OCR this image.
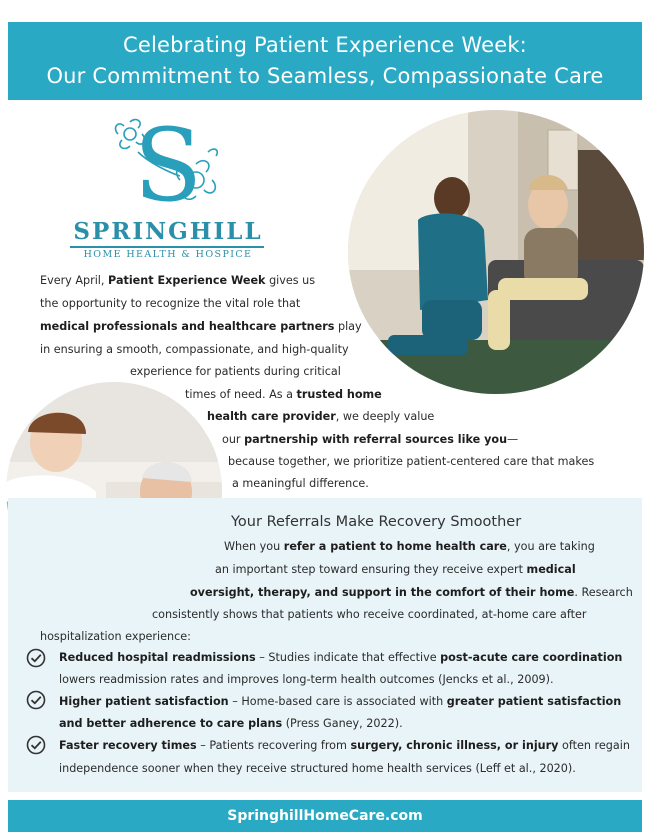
Celebrating Patient Experience Week:
Our Commitment to Seamless, Compassionate Care
S
SPRINGHILL
HOME HEALTH & HOSPICE
Every April, Patient Experience Week gives us
the opportunity to recognize the vital role that
medical professionals and healthcare partners play
in ensuring a smooth, compassionate, and high-quality
experience for patients during critical
times of need. As a trusted home
health care provider, we deeply value
our partnership with referral sources like you—
because together, we prioritize patient-centered care that makes
a meaningful difference.
Your Referrals Make Recovery Smoother
When you refer a patient to home health care, you are taking
an important step toward ensuring they receive expert medical
oversight, therapy, and support in the comfort of their home. Research
consistently shows that patients who receive coordinated, at-home care after
hospitalization experience:
Reduced hospital readmissions – Studies indicate that effective post-acute care coordination
lowers readmission rates and improves long-term health outcomes (Jencks et al., 2009).
Higher patient satisfaction – Home-based care is associated with greater patient satisfaction
and better adherence to care plans (Press Ganey, 2022).
Faster recovery times – Patients recovering from surgery, chronic illness, or injury often regain
independence sooner when they receive structured home health services (Leff et al., 2020).
SpringhillHomeCare.com
